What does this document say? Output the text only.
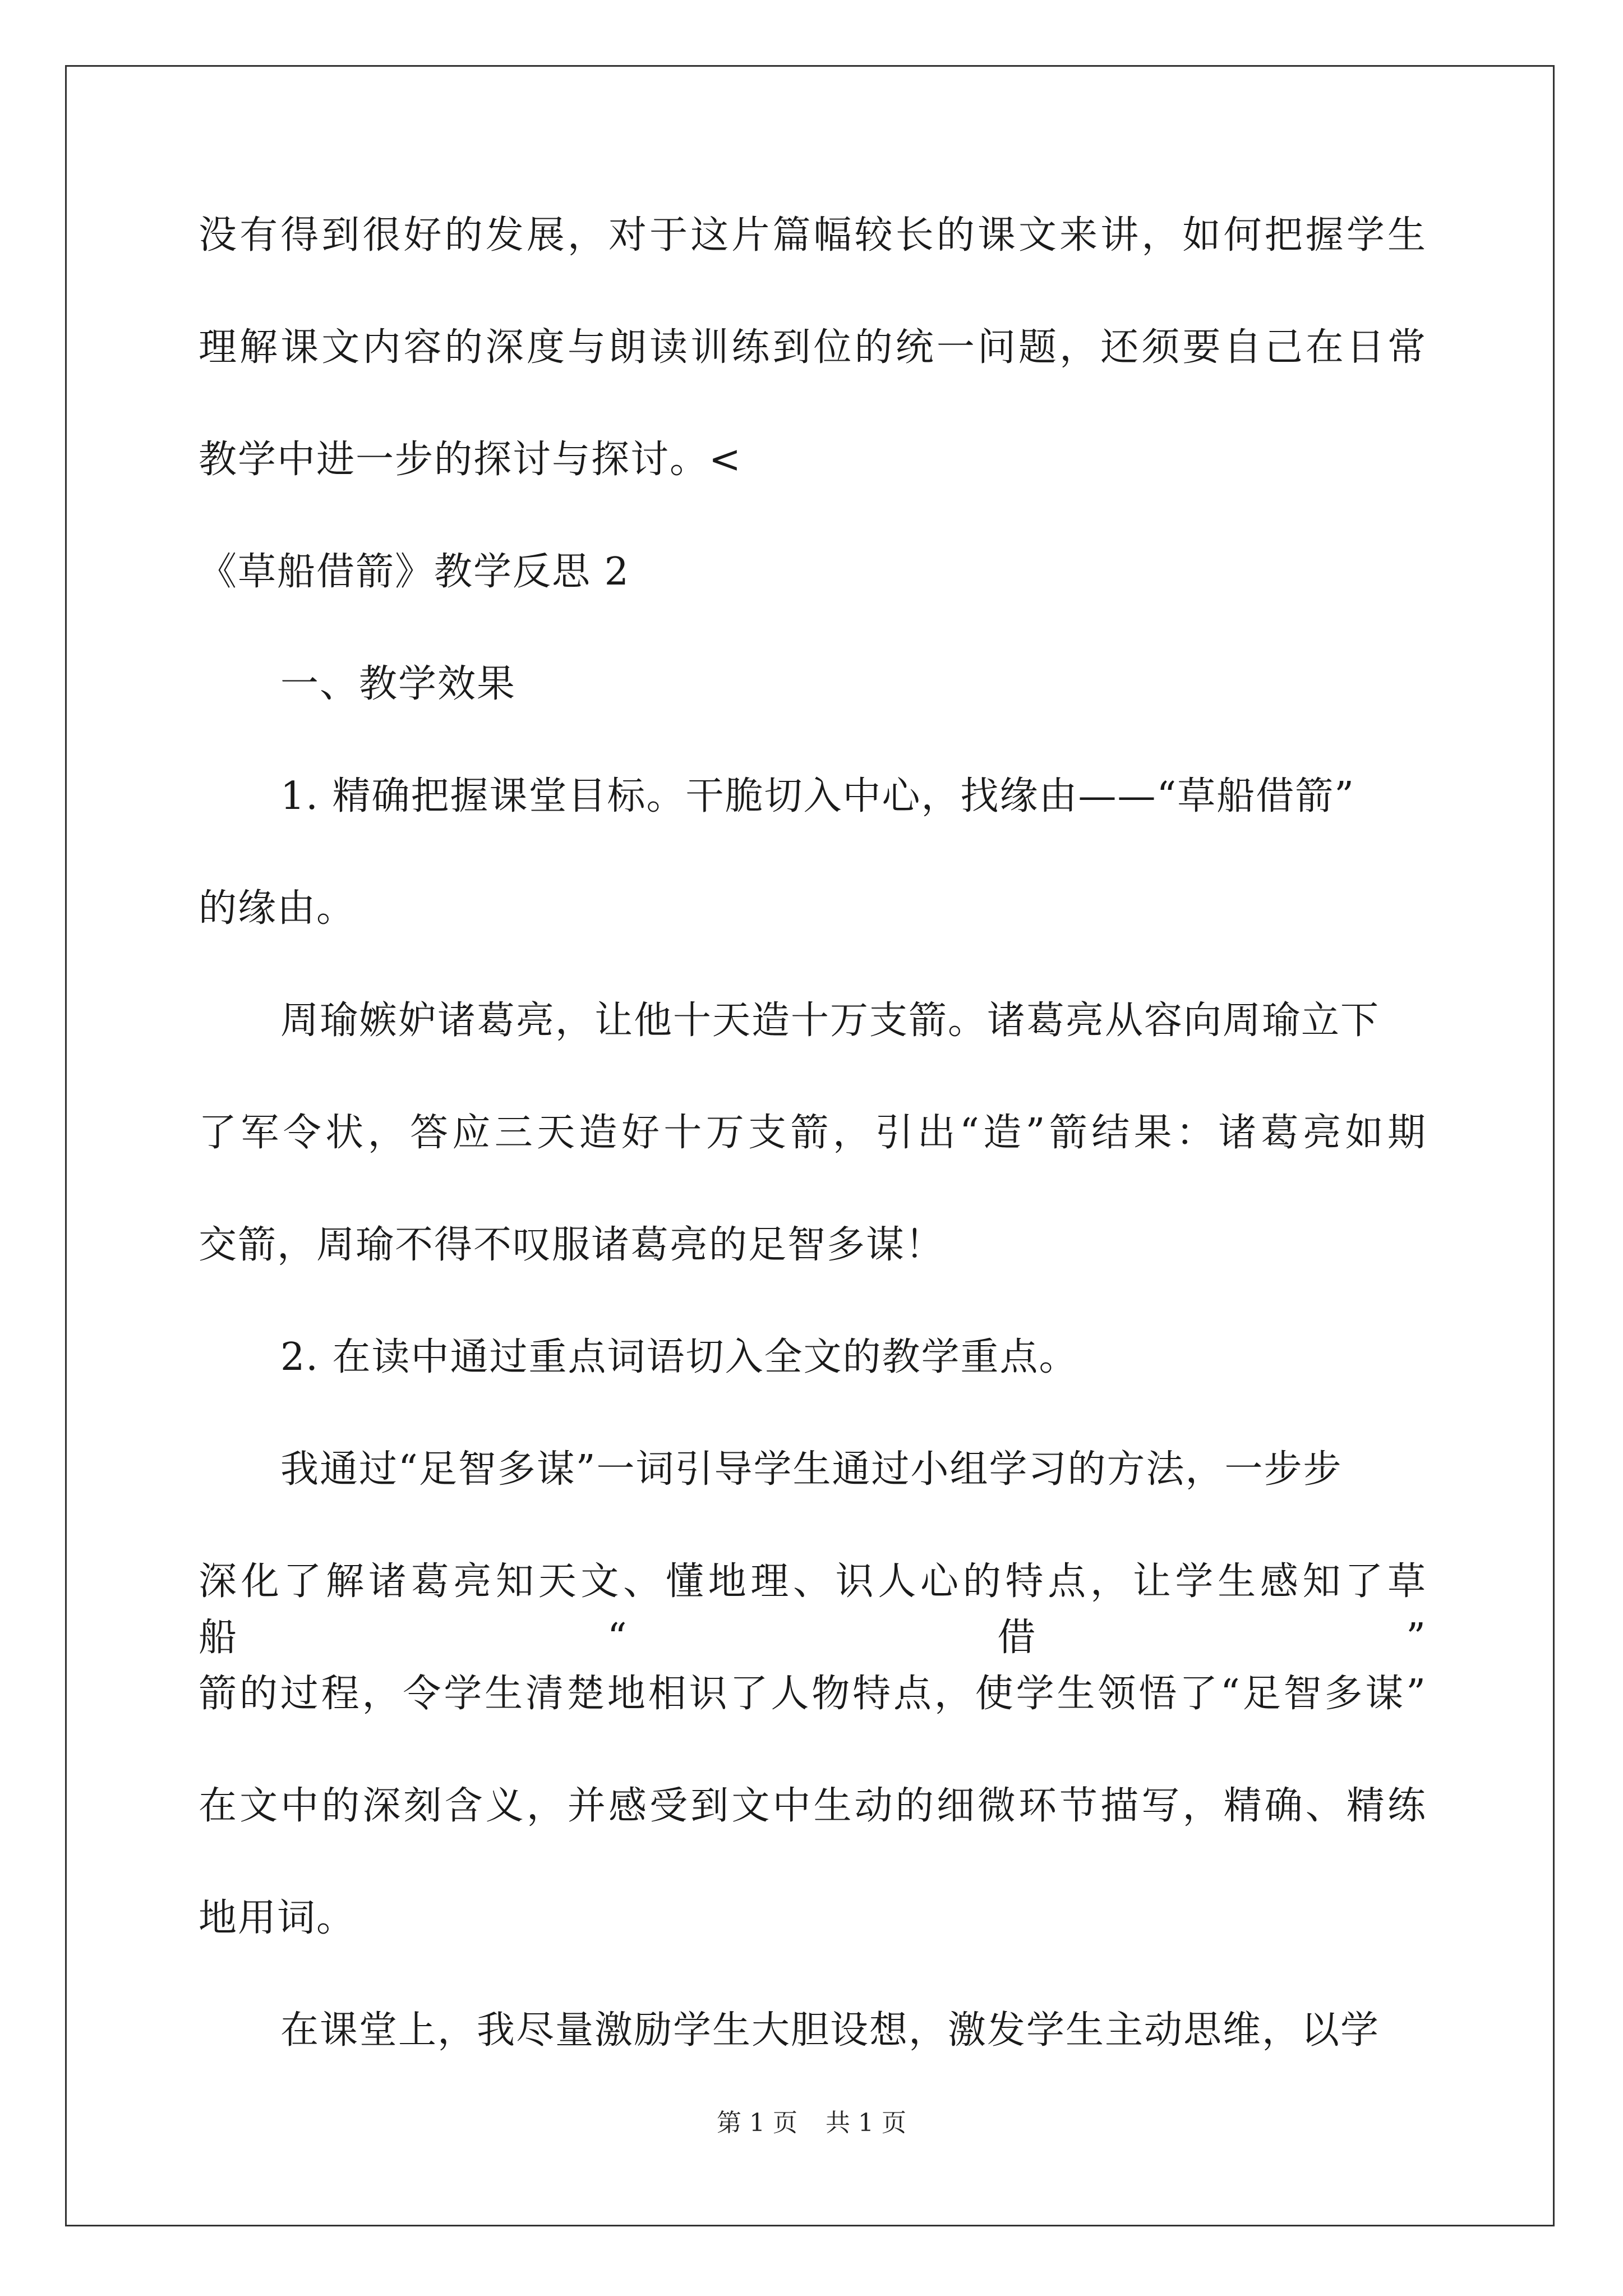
没有得到很好的发展，对于这片篇幅较长的课文来讲，如何把握学生
理解课文内容的深度与朗读训练到位的统一问题，还须要自己在日常
教学中进一步的探讨与探讨。<
《草船借箭》教学反思 2
一、教学效果
1. 精确把握课堂目标。干脆切入中心，找缘由——“草船借箭”
的缘由。
周瑜嫉妒诸葛亮，让他十天造十万支箭。诸葛亮从容向周瑜立下
了军令状，答应三天造好十万支箭，引出“造”箭结果：诸葛亮如期
交箭，周瑜不得不叹服诸葛亮的足智多谋！
2. 在读中通过重点词语切入全文的教学重点。
我通过“足智多谋”一词引导学生通过小组学习的方法，一步步
深化了解诸葛亮知天文、懂地理、识人心的特点，让学生感知了草船“借”
箭的过程，令学生清楚地相识了人物特点，使学生领悟了“足智多谋”
在文中的深刻含义，并感受到文中生动的细微环节描写，精确、精练
地用词。
在课堂上，我尽量激励学生大胆设想，激发学生主动思维，以学
第 1 页 共 1 页
